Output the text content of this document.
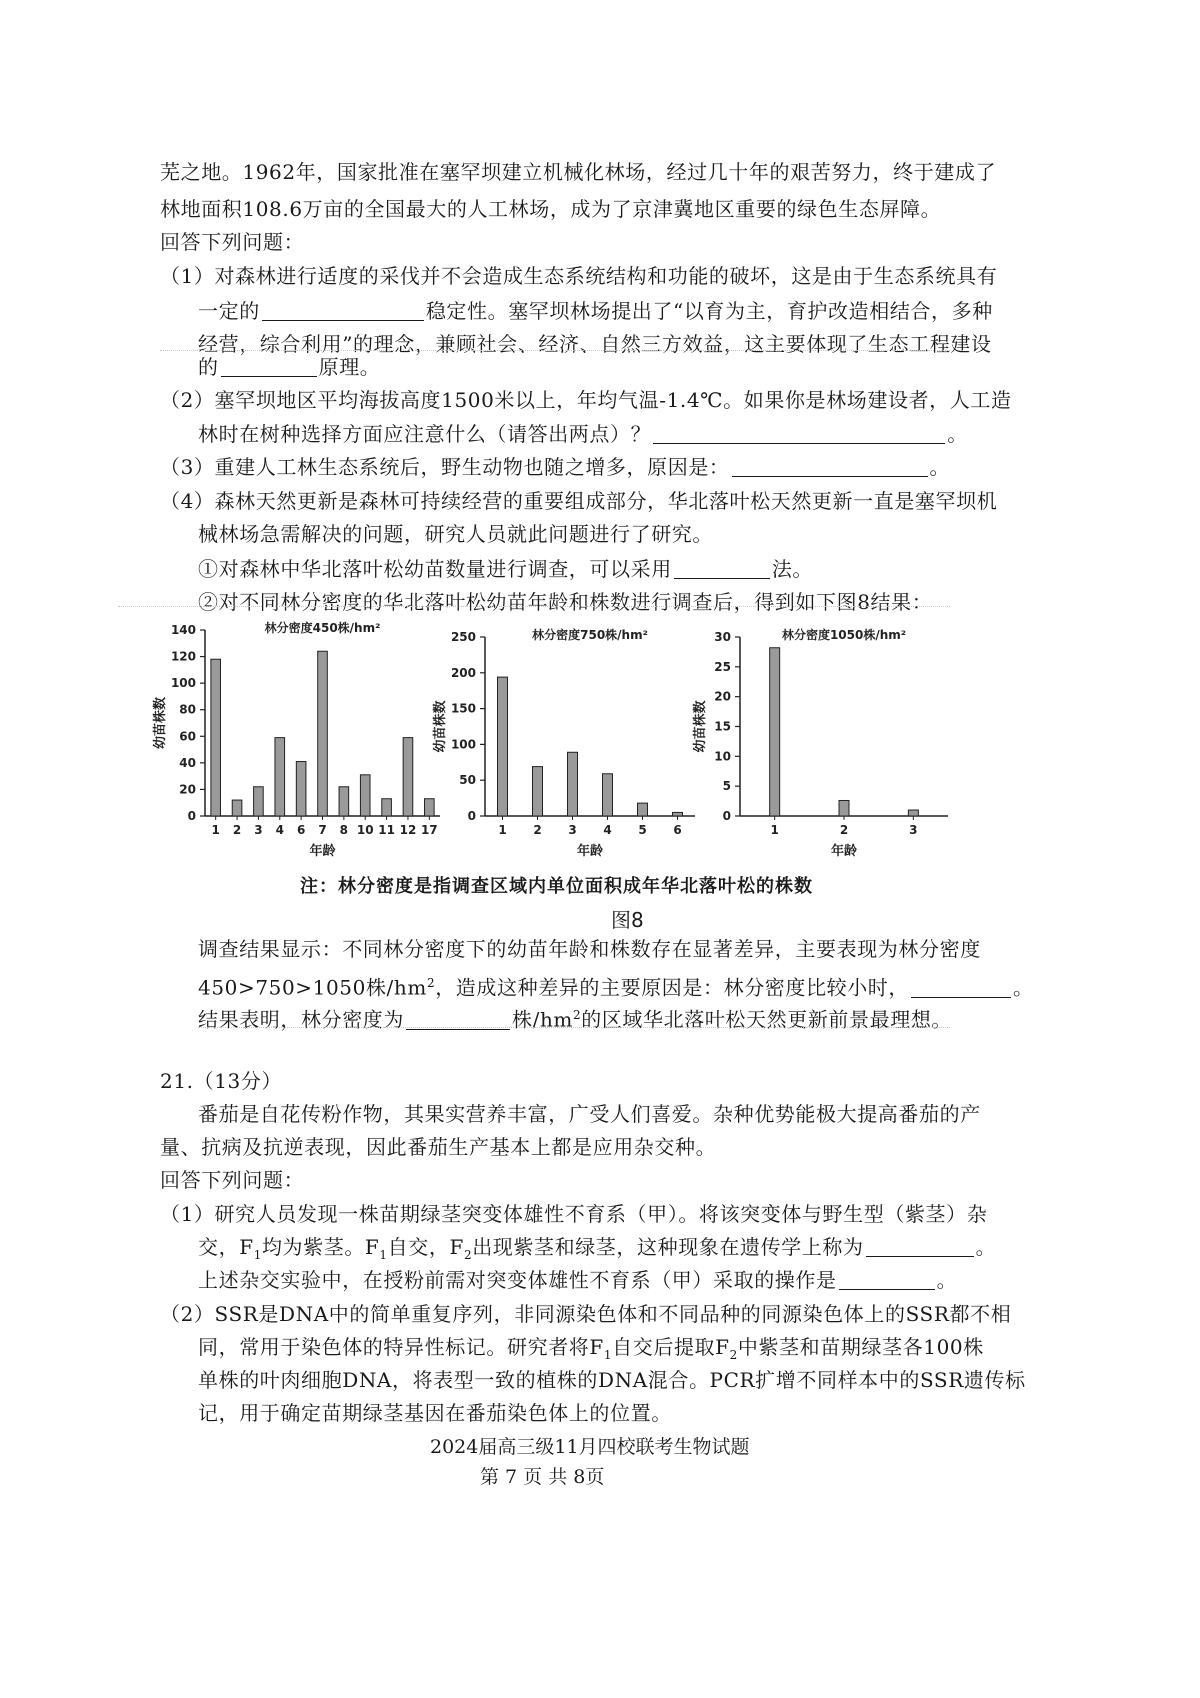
芜之地。1962年，国家批准在塞罕坝建立机械化林场，经过几十年的艰苦努力，终于建成了
林地面积108.6万亩的全国最大的人工林场，成为了京津冀地区重要的绿色生态屏障。
回答下列问题：
（1）对森林进行适度的采伐并不会造成生态系统结构和功能的破坏，这是由于生态系统具有
一定的	稳定性。塞罕坝林场提出了“以育为主，育护改造相结合，多种
经营，综合利用”的理念，兼顾社会、经济、自然三方效益，这主要体现了生态工程建设
的	原理。
（2）塞罕坝地区平均海拔高度1500米以上，年均气温-1.4℃。如果你是林场建设者，人工造
林时在树种选择方面应注意什么（请答出两点）？	。
（3）重建人工林生态系统后，野生动物也随之增多，原因是：	。
（4）森林天然更新是森林可持续经营的重要组成部分，华北落叶松天然更新一直是塞罕坝机
械林场急需解决的问题，研究人员就此问题进行了研究。
①对森林中华北落叶松幼苗数量进行调查，可以采用	法。
②对不同林分密度的华北落叶松幼苗年龄和株数进行调查后，得到如下图8结果：
0
20
40
60
80
100
120
140
1 2 3 4 6 7 8 10 11 12 17
林分密度450株/hm²
年龄
幼苗株数
0
50
100
150
200
250
1 2 3 4 5 6
林分密度750株/hm²
年龄
幼苗株数
0
5
10
15
20
25
30
1	2	3
林分密度1050株/hm²
年龄
幼苗株数
注：林分密度是指调查区域内单位面积成年华北落叶松的株数
图8
调查结果显示：不同林分密度下的幼苗年龄和株数存在显著差异，主要表现为林分密度
450>750>1050株$/hm^2$，造成这种差异的主要原因是：林分密度比较小时，	。
结果表明，林分密度为	株$/hm^2$的区域华北落叶松天然更新前景最理想。
21.（13分）
番茄是自花传粉作物，其果实营养丰富，广受人们喜爱。杂种优势能极大提高番茄的产
量、抗病及抗逆表现，因此番茄生产基本上都是应用杂交种。
回答下列问题：
（1）研究人员发现一株苗期绿茎突变体雄性不育系（甲）。将该突变体与野生型（紫茎）杂
交，$F_1$均为紫茎。$F_1$自交，$F_2$出现紫茎和绿茎，这种现象在遗传学上称为	。
上述杂交实验中，在授粉前需对突变体雄性不育系（甲）采取的操作是	。
（2）SSR是DNA中的简单重复序列，非同源染色体和不同品种的同源染色体上的SSR都不相
同，常用于染色体的特异性标记。研究者将$F_1$自交后提取$F_2$中紫茎和苗期绿茎各100株
单株的叶肉细胞DNA，将表型一致的植株的DNA混合。PCR扩增不同样本中的SSR遗传标
记，用于确定苗期绿茎基因在番茄染色体上的位置。
2024届高三级11月四校联考生物试题
第 7 页 共 8页
